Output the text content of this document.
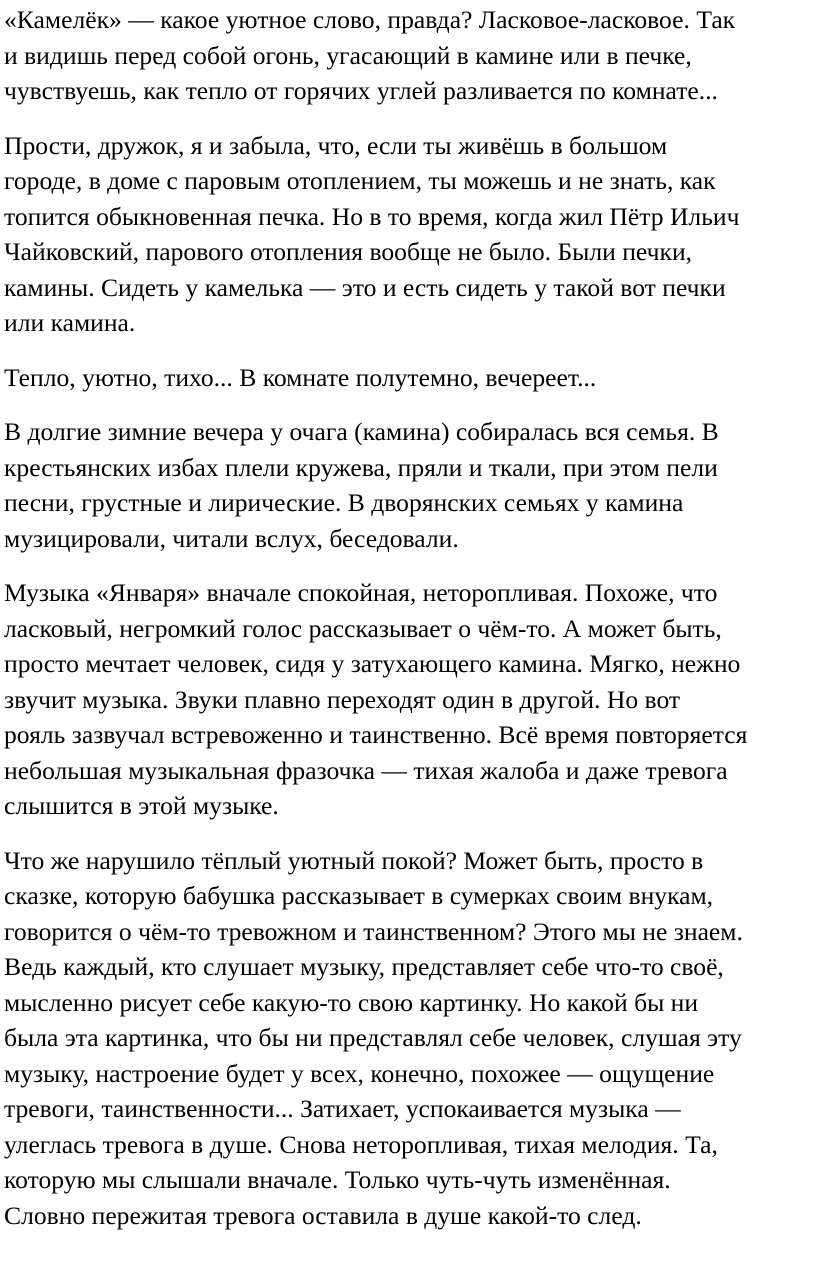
«Камелёк» — какое уютное слово, правда? Ласковое-ласковое. Так
и видишь перед собой огонь, угасающий в камине или в печке,
чувствуешь, как тепло от горячих углей разливается по комнате...

Прости, дружок, я и забыла, что, если ты живёшь в большом
городе, в доме с паровым отоплением, ты можешь и не знать, как
топится обыкновенная печка. Но в то время, когда жил Пётр Ильич
Чайковский, парового отопления вообще не было. Были печки,
камины. Сидеть у камелька — это и есть сидеть у такой вот печки
или камина.

Тепло, уютно, тихо... В комнате полутемно, вечереет...

В долгие зимние вечера у очага (камина) собиралась вся семья. В
крестьянских избах плели кружева, пряли и ткали, при этом пели
песни, грустные и лирические. В дворянских семьях у камина
музицировали, читали вслух, беседовали.

Музыка «Января» вначале спокойная, неторопливая. Похоже, что
ласковый, негромкий голос рассказывает о чём-то. А может быть,
просто мечтает человек, сидя у затухающего камина. Мягко, нежно
звучит музыка. Звуки плавно переходят один в другой. Но вот
рояль зазвучал встревоженно и таинственно. Всё время повторяется
небольшая музыкальная фразочка — тихая жалоба и даже тревога
слышится в этой музыке.

Что же нарушило тёплый уютный покой? Может быть, просто в
сказке, которую бабушка рассказывает в сумерках своим внукам,
говорится о чём-то тревожном и таинственном? Этого мы не знаем.
Ведь каждый, кто слушает музыку, представляет себе что-то своё,
мысленно рисует себе какую-то свою картинку. Но какой бы ни
была эта картинка, что бы ни представлял себе человек, слушая эту
музыку, настроение будет у всех, конечно, похожее — ощущение
тревоги, таинственности... Затихает, успокаивается музыка —
улеглась тревога в душе. Снова неторопливая, тихая мелодия. Та,
которую мы слышали вначале. Только чуть-чуть изменённая.
Словно пережитая тревога оставила в душе какой-то след.
